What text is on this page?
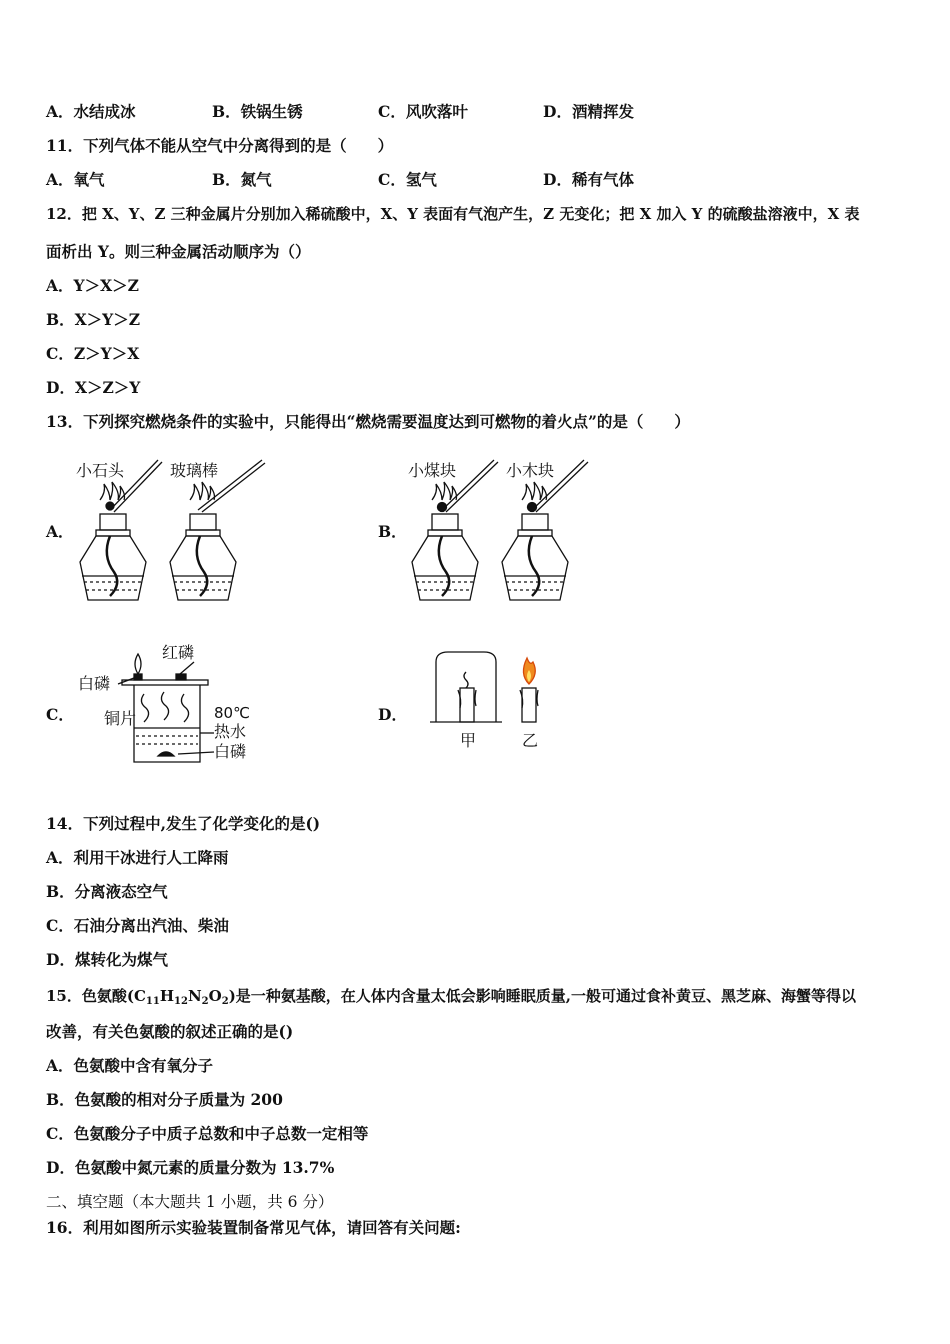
A．水结成冰	B．铁锅生锈	C．风吹落叶	D．酒精挥发
11．下列气体不能从空气中分离得到的是（　　）
A．氧气	B．氮气	C．氢气	D．稀有气体
12．把 X、Y、Z 三种金属片分别加入稀硫酸中，X、Y 表面有气泡产生，Z 无变化；把 X 加入 Y 的硫酸盐溶液中，X 表
面析出 Y。则三种金属活动顺序为（）
A．Y＞X＞Z
B．X＞Y＞Z
C．Z＞Y＞X
D．X＞Z＞Y
13．下列探究燃烧条件的实验中，只能得出“燃烧需要温度达到可燃物的着火点”的是（　　）
A．	B．
C．	D．
小石头	玻璃棒	小煤块	小木块
红磷
白磷
铜片	80℃
热水
白磷
甲	乙
14．下列过程中,发生了化学变化的是()
A．利用干冰进行人工降雨
B．分离液态空气
C．石油分离出汽油、柴油
D．煤转化为煤气
15．色氨酸$(C_{11}H_{12}N_2O_2)$是一种氨基酸，在人体内含量太低会影响睡眠质量,一般可通过食补黄豆、黑芝麻、海蟹等得以
改善，有关色氨酸的叙述正确的是()
A．色氨酸中含有氧分子
B．色氨酸的相对分子质量为 200
C．色氨酸分子中质子总数和中子总数一定相等
D．色氨酸中氮元素的质量分数为 13.7%
二、填空题（本大题共 1 小题，共 6 分）
16．利用如图所示实验装置制备常见气体，请回答有关问题:
